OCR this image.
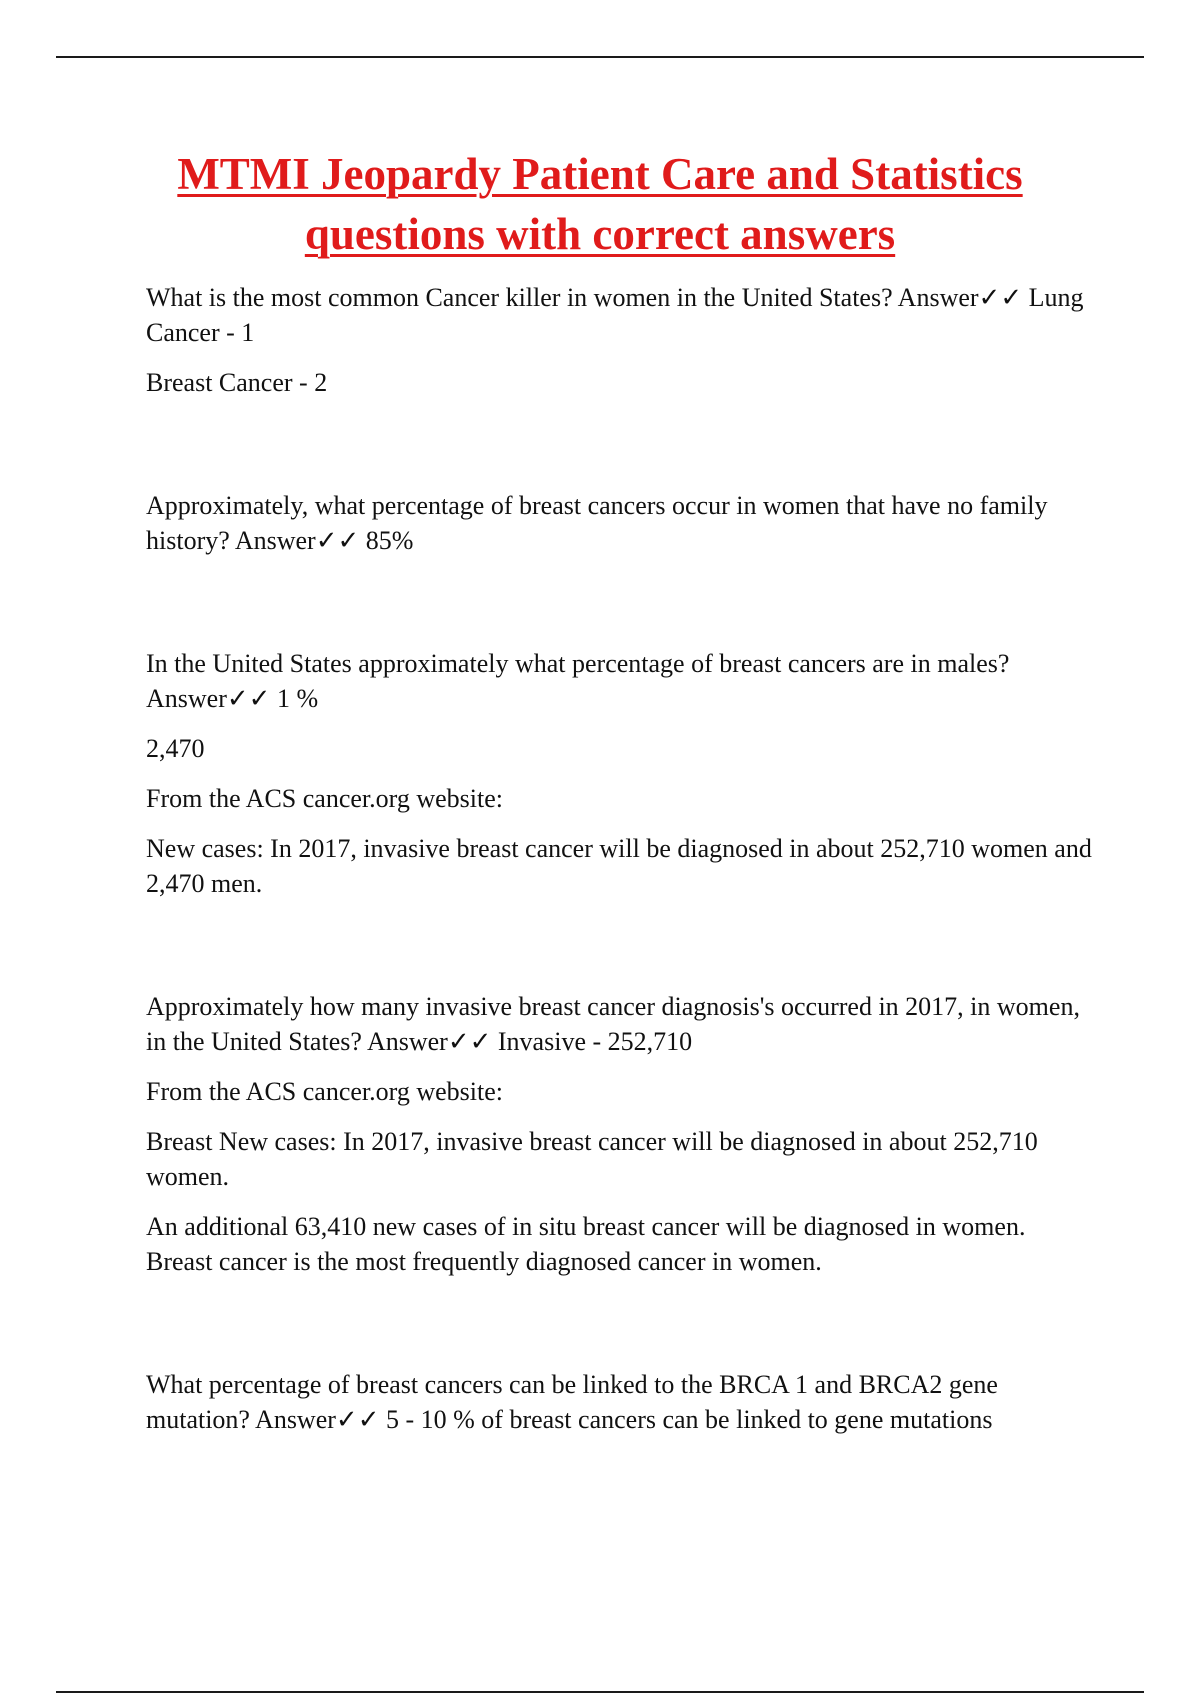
MTMI Jeopardy Patient Care and Statistics
questions with correct answers

What is the most common Cancer killer in women in the United States? Answer✓✓ Lung Cancer - 1

Breast Cancer - 2

Approximately, what percentage of breast cancers occur in women that have no family history? Answer✓✓ 85%

In the United States approximately what percentage of breast cancers are in males? Answer✓✓ 1 %

2,470

From the ACS cancer.org website:

New cases: In 2017, invasive breast cancer will be diagnosed in about 252,710 women and 2,470 men.

Approximately how many invasive breast cancer diagnosis's occurred in 2017, in women, in the United States? Answer✓✓ Invasive - 252,710

From the ACS cancer.org website:

Breast New cases: In 2017, invasive breast cancer will be diagnosed in about 252,710 women.

An additional 63,410 new cases of in situ breast cancer will be diagnosed in women. Breast cancer is the most frequently diagnosed cancer in women.

What percentage of breast cancers can be linked to the BRCA 1 and BRCA2 gene mutation? Answer✓✓ 5 - 10 % of breast cancers can be linked to gene mutations
